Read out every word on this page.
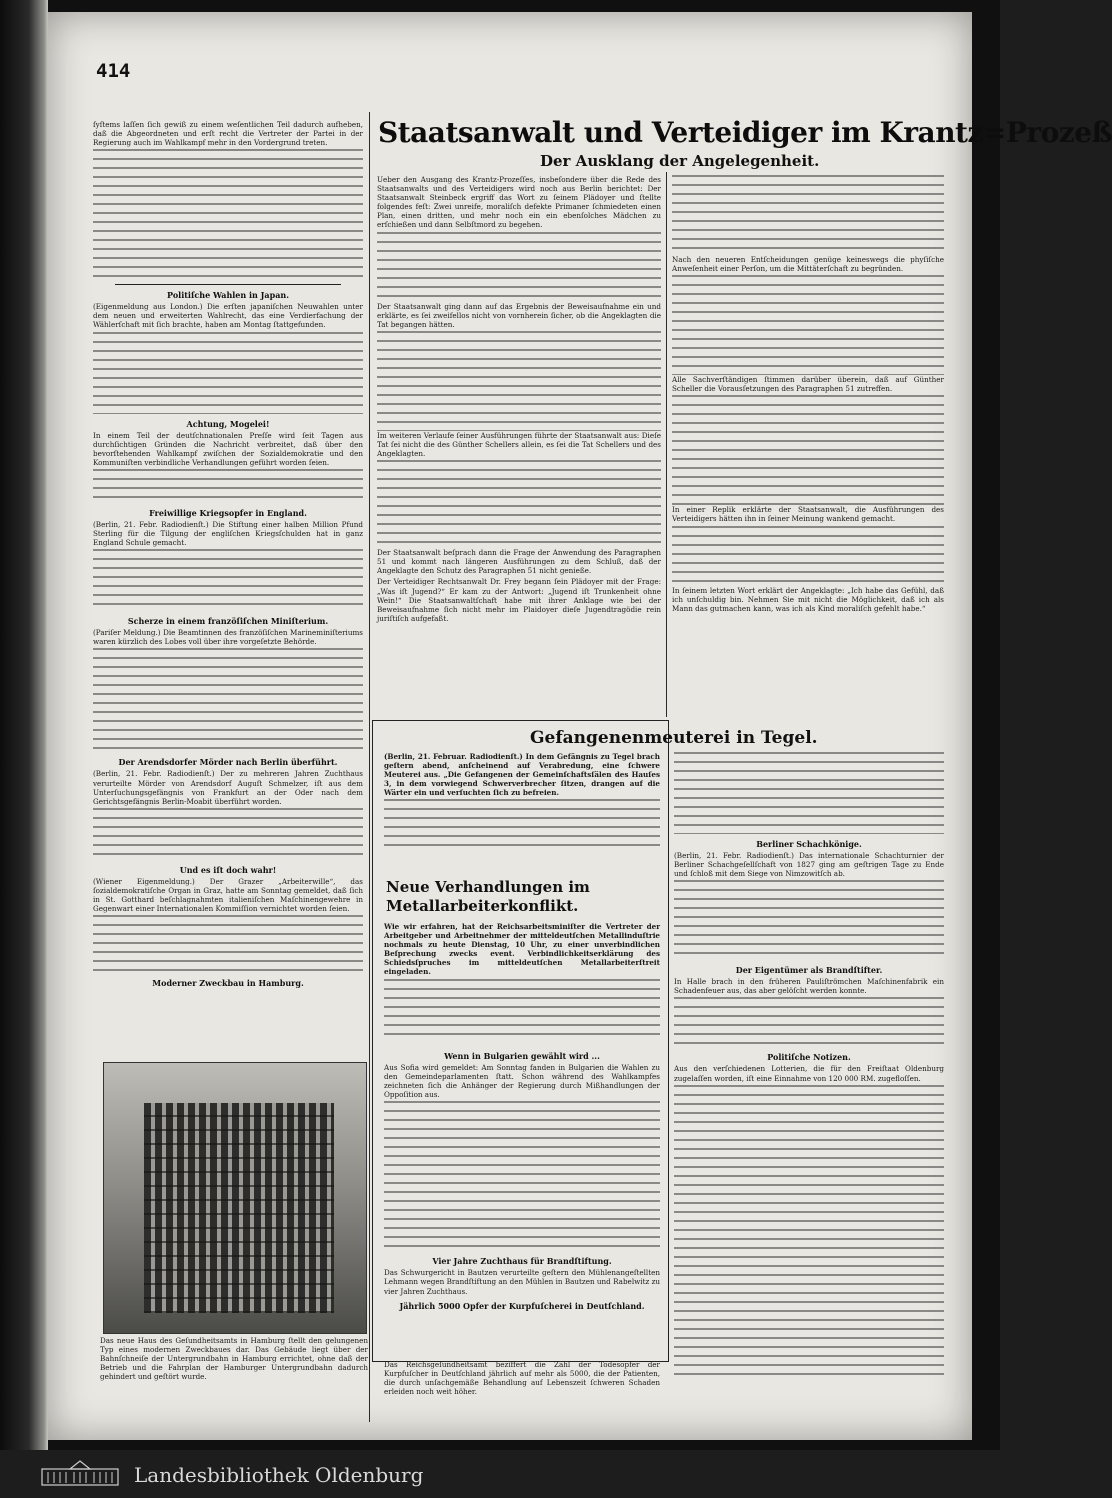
414

ſyſtems laſſen ſich gewiß zu einem weſentlichen Teil dadurch aufheben, daß die Abgeordneten und erſt recht die Vertreter der Partei in der Regierung auch im Wahlkampf mehr in den Vordergrund treten.

Politiſche Wahlen in Japan.

(Eigenmeldung aus London.) Die erſten japaniſchen Neuwahlen unter dem neuen und erweiterten Wahlrecht, das eine Verdierfachung der Wählerſchaft mit ſich brachte, haben am Montag ſtattgefunden.

Achtung, Mogelei!

In einem Teil der deutſchnationalen Preſſe wird ſeit Tagen aus durchſichtigen Gründen die Nachricht verbreitet, daß über den bevorſtehenden Wahlkampf zwiſchen der Sozialdemokratie und den Kommuniſten verbindliche Verhandlungen geführt worden ſeien.

Freiwillige Kriegsopfer in England.

(Berlin, 21. Febr. Radiodienſt.) Die Stiftung einer halben Million Pfund Sterling für die Tilgung der engliſchen Kriegsſchulden hat in ganz England Schule gemacht.

Scherze in einem franzöſiſchen Miniſterium.

(Pariſer Meldung.) Die Beamtinnen des franzöſiſchen Marineminiſteriums waren kürzlich des Lobes voll über ihre vorgeſetzte Behörde.

Der Arendsdorfer Mörder nach Berlin überführt.

(Berlin, 21. Febr. Radiodienſt.) Der zu mehreren Jahren Zuchthaus verurteilte Mörder von Arendsdorf Auguſt Schmelzer, iſt aus dem Unterſuchungsgefängnis von Frankfurt an der Oder nach dem Gerichtsgefängnis Berlin-Moabit überführt worden.

Und es iſt doch wahr!

(Wiener Eigenmeldung.) Der Grazer „Arbeiterwille“, das ſozialdemokratiſche Organ in Graz, hatte am Sonntag gemeldet, daß ſich in St. Gotthard beſchlagnahmten italieniſchen Maſchinengewehre in Gegenwart einer Internationalen Kommiſſion vernichtet worden ſeien.

Moderner Zweckbau in Hamburg.

Das neue Haus des Geſundheitsamts in Hamburg ſtellt den gelungenen Typ eines modernen Zweckbaues dar. Das Gebäude liegt über der Bahnſchneiſe der Untergrundbahn in Hamburg errichtet, ohne daß der Betrieb und die Fahrplan der Hamburger Untergrundbahn dadurch gehindert und geſtört wurde.

Staatsanwalt und Verteidiger im Krantz=Prozeß
Der Ausklang der Angelegenheit.

Ueber den Ausgang des Krantz-Prozeſſes, insbeſondere über die Rede des Staatsanwalts und des Verteidigers wird noch aus Berlin berichtet: Der Staatsanwalt Steinbeck ergriff das Wort zu ſeinem Plädoyer und ſtellte folgendes feſt: Zwei unreife, moraliſch defekte Primaner ſchmiedeten einen Plan, einen dritten, und mehr noch ein ein ebenſolches Mädchen zu erſchießen und dann Selbſtmord zu begehen.

Der Staatsanwalt ging dann auf das Ergebnis der Beweisaufnahme ein und erklärte, es ſei zweifellos nicht von vornherein ſicher, ob die Angeklagten die Tat begangen hätten.

Im weiteren Verlaufe ſeiner Ausführungen führte der Staatsanwalt aus: Dieſe Tat ſei nicht die des Günther Schellers allein, es ſei die Tat Schellers und des Angeklagten.

Der Staatsanwalt beſprach dann die Frage der Anwendung des Paragraphen 51 und kommt nach längeren Ausführungen zu dem Schluß, daß der Angeklagte den Schutz des Paragraphen 51 nicht genieße.

Der Verteidiger Rechtsanwalt Dr. Frey begann ſein Plädoyer mit der Frage: „Was iſt Jugend?“ Er kam zu der Antwort: „Jugend iſt Trunkenheit ohne Wein!“ Die Staatsanwaltſchaft habe mit ihrer Anklage wie bei der Beweisaufnahme ſich nicht mehr im Plaidoyer dieſe Jugendtragödie rein juriſtiſch aufgefaßt.

Nach den neueren Entſcheidungen genüge keineswegs die phyſiſche Anweſenheit einer Perſon, um die Mittäterſchaft zu begründen.

Alle Sachverſtändigen ſtimmen darüber überein, daß auf Günther Scheller die Vorausſetzungen des Paragraphen 51 zutreffen.

In einer Replik erklärte der Staatsanwalt, die Ausführungen des Verteidigers hätten ihn in ſeiner Meinung wankend gemacht.

In ſeinem letzten Wort erklärt der Angeklagte: „Ich habe das Gefühl, daß ich unſchuldig bin. Nehmen Sie mit nicht die Möglichkeit, daß ich als Mann das gutmachen kann, was ich als Kind moraliſch gefehlt habe.“

Gefangenenmeuterei in Tegel.

(Berlin, 21. Februar. Radiodienſt.) In dem Gefängnis zu Tegel brach geſtern abend, anſcheinend auf Verabredung, eine ſchwere Meuterei aus. „Die Gefangenen der Gemeinſchaftsſälen des Hauſes 3, in dem vorwiegend Schwerverbrecher ſitzen, drangen auf die Wärter ein und verſuchten ſich zu befreien.

Neue Verhandlungen im Metallarbeiterkonflikt.

Wie wir erfahren, hat der Reichsarbeitsminiſter die Vertreter der Arbeitgeber und Arbeitnehmer der mitteldeutſchen Metallinduſtrie nochmals zu heute Dienstag, 10 Uhr, zu einer unverbindlichen Beſprechung zwecks event. Verbindlichkeitserklärung des Schiedsſpruches im mitteldeutſchen Metallarbeiterſtreit eingeladen.

Wenn in Bulgarien gewählt wird ...

Aus Sofia wird gemeldet: Am Sonntag fanden in Bulgarien die Wahlen zu den Gemeindeparlamenten ſtatt. Schon während des Wahlkampfes zeichneten ſich die Anhänger der Regierung durch Mißhandlungen der Oppoſition aus.

Vier Jahre Zuchthaus für Brandſtiftung.

Das Schwurgericht in Bautzen verurteilte geſtern den Mühlenangeſtellten Lehmann wegen Brandſtiftung an den Mühlen in Bautzen und Rabelwitz zu vier Jahren Zuchthaus.

Jährlich 5000 Opfer der Kurpfuſcherei in Deutſchland.

Das Reichsgeſundheitsamt beziffert die Zahl der Todesopfer der Kurpfuſcher in Deutſchland jährlich auf mehr als 5000, die der Patienten, die durch unſachgemäße Behandlung auf Lebenszeit ſchweren Schaden erleiden noch weit höher.

Berliner Schachkönige.

(Berlin, 21. Febr. Radiodienſt.) Das internationale Schachturnier der Berliner Schachgeſellſchaft von 1827 ging am geſtrigen Tage zu Ende und ſchloß mit dem Siege von Nimzowitſch ab.

Der Eigentümer als Brandſtifter.

In Halle brach in den früheren Pauliſtrömchen Maſchinenfabrik ein Schadenfeuer aus, das aber gelöſcht werden konnte.

Politiſche Notizen.

Aus den verſchiedenen Lotterien, die für den Freiſtaat Oldenburg zugelaſſen worden, iſt eine Einnahme von 120 000 RM. zugefloſſen.

Landesbibliothek Oldenburg
